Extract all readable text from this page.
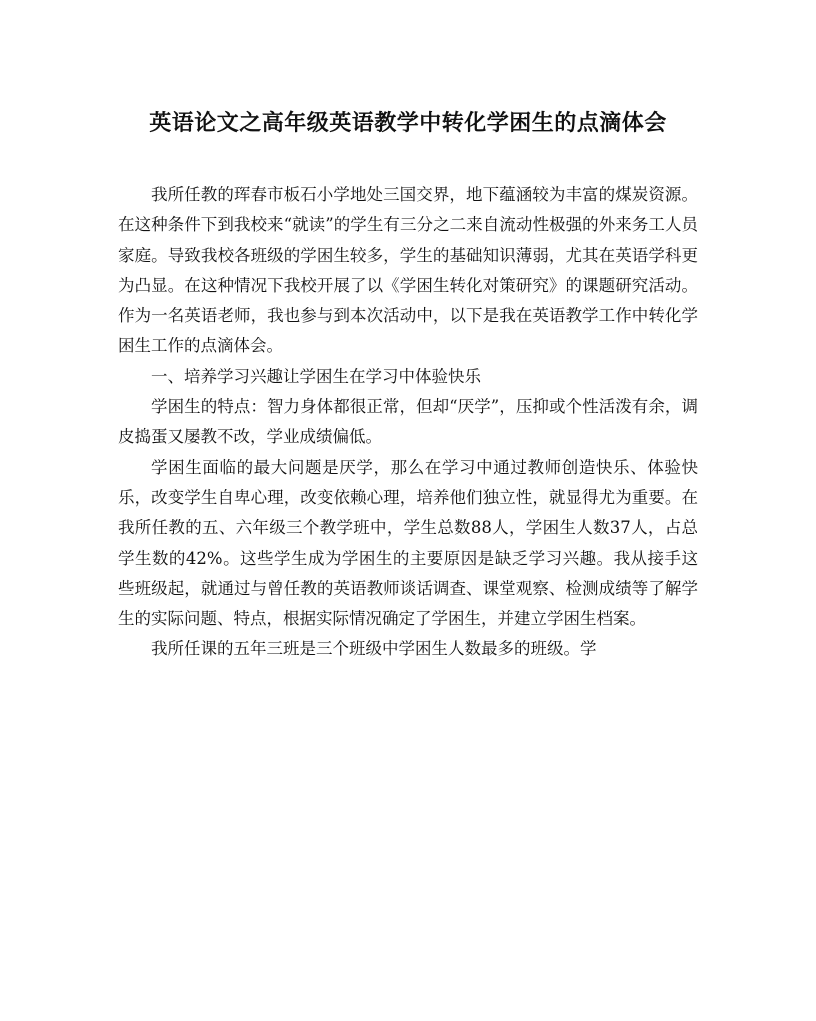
英语论文之高年级英语教学中转化学困生的点滴体会

我所任教的珲春市板石小学地处三国交界，地下蕴涵较为丰富的煤炭资源。在这种条件下到我校来“就读”的学生有三分之二来自流动性极强的外来务工人员家庭。导致我校各班级的学困生较多，学生的基础知识薄弱，尤其在英语学科更为凸显。在这种情况下我校开展了以《学困生转化对策研究》的课题研究活动。作为一名英语老师，我也参与到本次活动中，以下是我在英语教学工作中转化学困生工作的点滴体会。

一、培养学习兴趣让学困生在学习中体验快乐

学困生的特点：智力身体都很正常，但却“厌学”，压抑或个性活泼有余，调皮捣蛋又屡教不改，学业成绩偏低。

学困生面临的最大问题是厌学，那么在学习中通过教师创造快乐、体验快乐，改变学生自卑心理，改变依赖心理，培养他们独立性，就显得尤为重要。在我所任教的五、六年级三个教学班中，学生总数88人，学困生人数37人，占总学生数的42%。这些学生成为学困生的主要原因是缺乏学习兴趣。我从接手这些班级起，就通过与曾任教的英语教师谈话调查、课堂观察、检测成绩等了解学生的实际问题、特点，根据实际情况确定了学困生，并建立学困生档案。

我所任课的五年三班是三个班级中学困生人数最多的班级。学
